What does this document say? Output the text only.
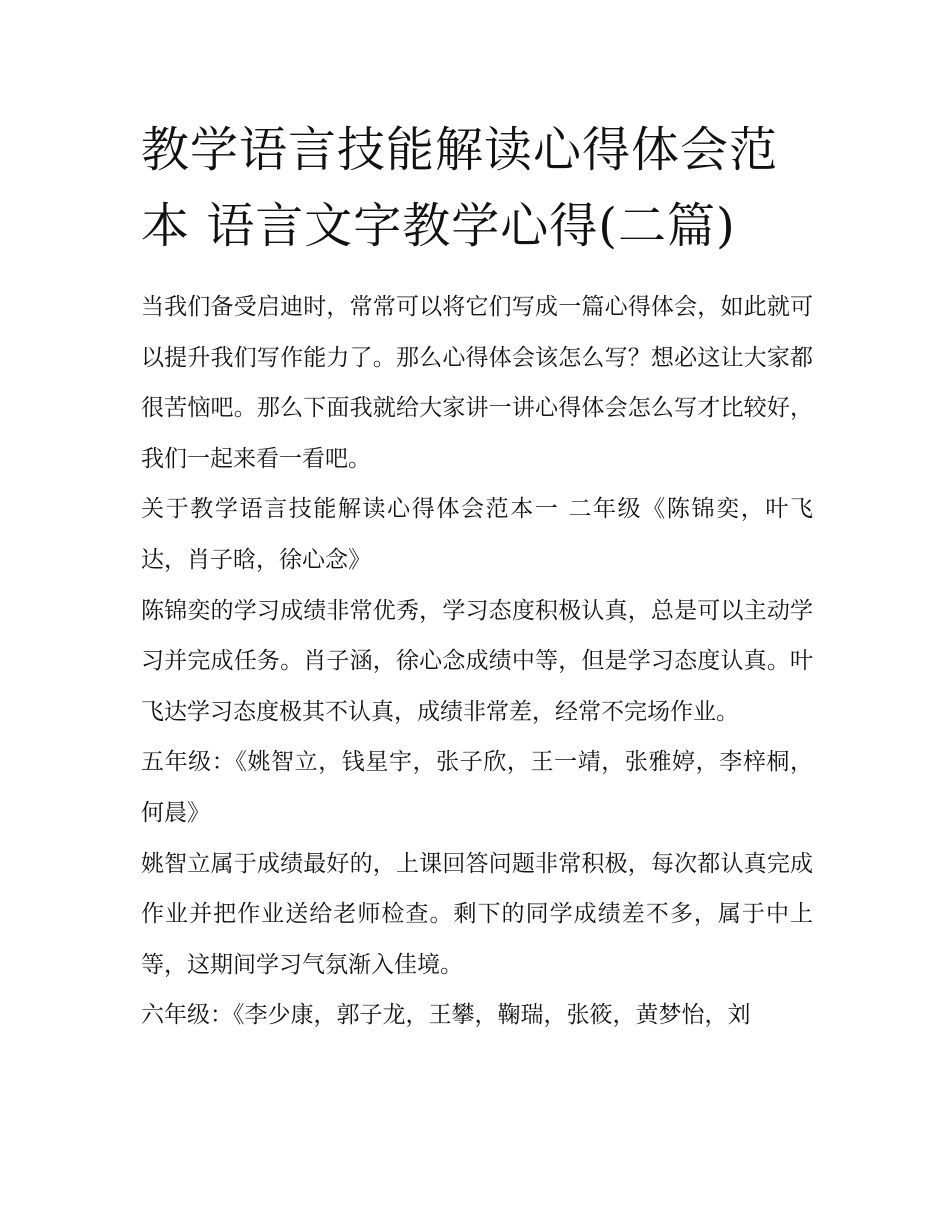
教学语言技能解读心得体会范本 语言文字教学心得(二篇)

当我们备受启迪时，常常可以将它们写成一篇心得体会，如此就可以提升我们写作能力了。那么心得体会该怎么写？想必这让大家都很苦恼吧。那么下面我就给大家讲一讲心得体会怎么写才比较好，我们一起来看一看吧。

关于教学语言技能解读心得体会范本一 二年级《陈锦奕，叶飞达，肖子晗，徐心念》

陈锦奕的学习成绩非常优秀，学习态度积极认真，总是可以主动学习并完成任务。肖子涵，徐心念成绩中等，但是学习态度认真。叶飞达学习态度极其不认真，成绩非常差，经常不完场作业。

五年级：《姚智立，钱星宇，张子欣，王一靖，张雅婷，李梓桐，何晨》

姚智立属于成绩最好的，上课回答问题非常积极，每次都认真完成作业并把作业送给老师检查。剩下的同学成绩差不多，属于中上等，这期间学习气氛渐入佳境。

六年级：《李少康，郭子龙，王攀，鞠瑞，张筱，黄梦怡，刘
